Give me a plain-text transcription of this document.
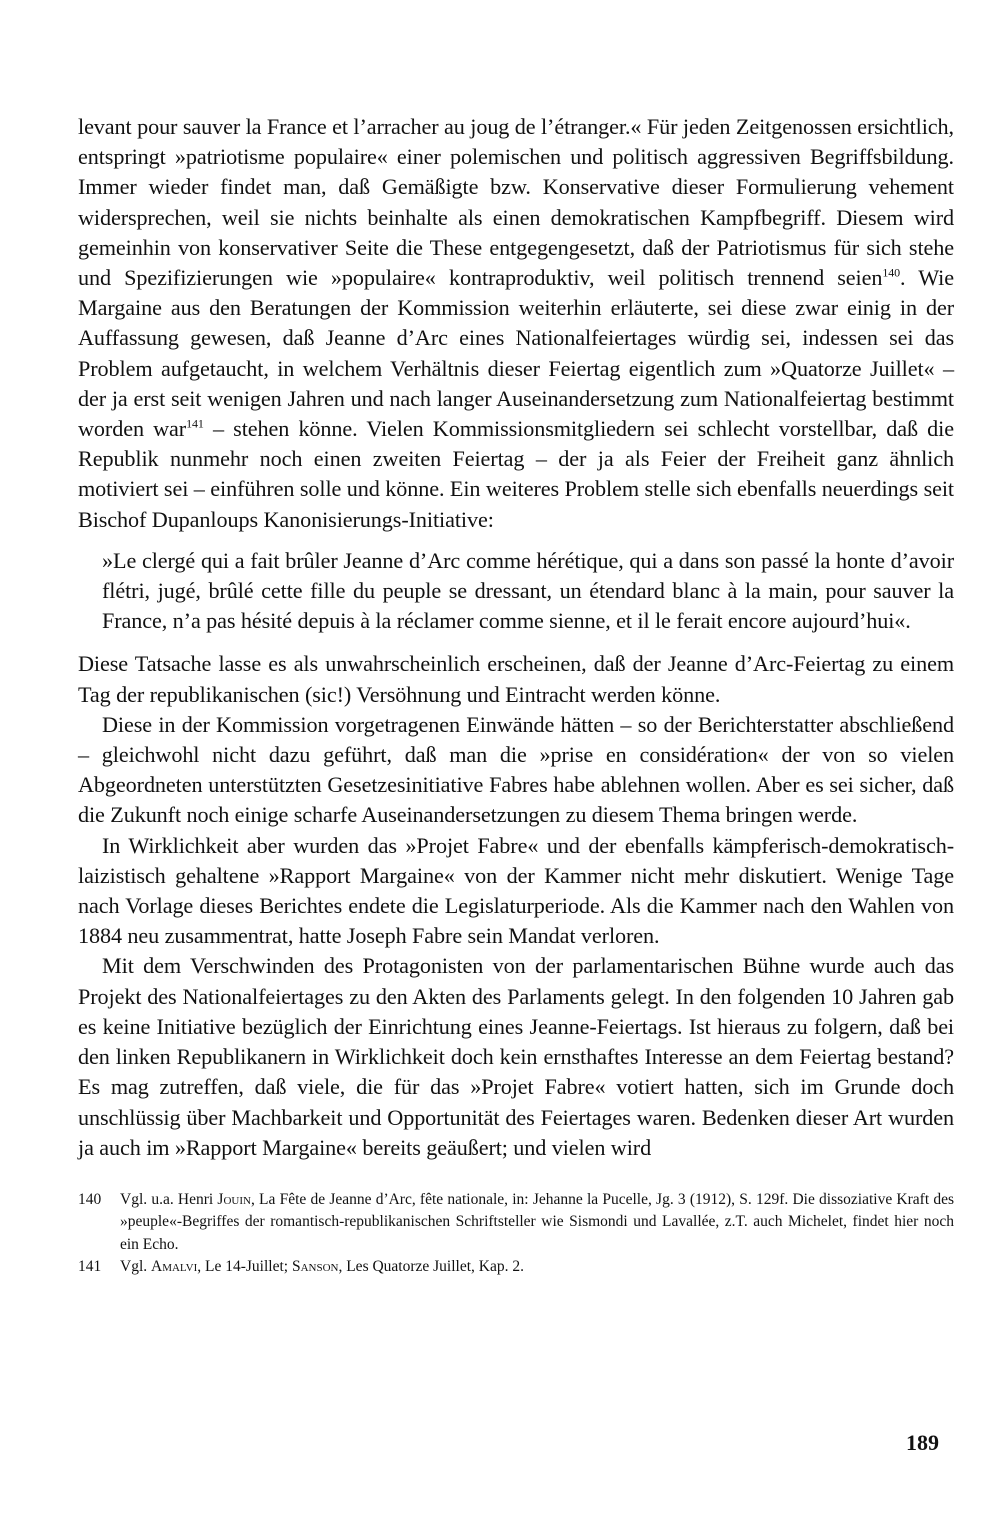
levant pour sauver la France et l’arracher au joug de l’étranger.« Für jeden Zeitgenossen ersichtlich, entspringt »patriotisme populaire« einer polemischen und politisch aggressiven Begriffsbildung. Immer wieder findet man, daß Gemäßigte bzw. Konservative dieser Formulierung vehement widersprechen, weil sie nichts beinhalte als einen demokratischen Kampfbegriff. Diesem wird gemeinhin von konservativer Seite die These entgegengesetzt, daß der Patriotismus für sich stehe und Spezifizierungen wie »populaire« kontraproduktiv, weil politisch trennend seien$^{140}$. Wie Margaine aus den Beratungen der Kommission weiterhin erläuterte, sei diese zwar einig in der Auffassung gewesen, daß Jeanne d’Arc eines Nationalfeiertages würdig sei, indessen sei das Problem aufgetaucht, in welchem Verhältnis dieser Feiertag eigentlich zum »Quatorze Juillet« – der ja erst seit wenigen Jahren und nach langer Auseinandersetzung zum Nationalfeiertag bestimmt worden war$^{141}$ – stehen könne. Vielen Kommissionsmitgliedern sei schlecht vorstellbar, daß die Republik nunmehr noch einen zweiten Feiertag – der ja als Feier der Freiheit ganz ähnlich motiviert sei – einführen solle und könne. Ein weiteres Problem stelle sich ebenfalls neuerdings seit Bischof Dupanloups Kanonisierungs-Initiative:

»Le clergé qui a fait brûler Jeanne d’Arc comme hérétique, qui a dans son passé la honte d’avoir flétri, jugé, brûlé cette fille du peuple se dressant, un étendard blanc à la main, pour sauver la France, n’a pas hésité depuis à la réclamer comme sienne, et il le ferait encore aujourd’hui«.

Diese Tatsache lasse es als unwahrscheinlich erscheinen, daß der Jeanne d’Arc-Feiertag zu einem Tag der republikanischen (sic!) Versöhnung und Eintracht werden könne.

Diese in der Kommission vorgetragenen Einwände hätten – so der Berichterstatter abschließend – gleichwohl nicht dazu geführt, daß man die »prise en considération« der von so vielen Abgeordneten unterstützten Gesetzesinitiative Fabres habe ablehnen wollen. Aber es sei sicher, daß die Zukunft noch einige scharfe Auseinandersetzungen zu diesem Thema bringen werde.

In Wirklichkeit aber wurden das »Projet Fabre« und der ebenfalls kämpferisch-demokratisch-laizistisch gehaltene »Rapport Margaine« von der Kammer nicht mehr diskutiert. Wenige Tage nach Vorlage dieses Berichtes endete die Legislaturperiode. Als die Kammer nach den Wahlen von 1884 neu zusammentrat, hatte Joseph Fabre sein Mandat verloren.

Mit dem Verschwinden des Protagonisten von der parlamentarischen Bühne wurde auch das Projekt des Nationalfeiertages zu den Akten des Parlaments gelegt. In den folgenden 10 Jahren gab es keine Initiative bezüglich der Einrichtung eines Jeanne-Feiertags. Ist hieraus zu folgern, daß bei den linken Republikanern in Wirklichkeit doch kein ernsthaftes Interesse an dem Feiertag bestand? Es mag zutreffen, daß viele, die für das »Projet Fabre« votiert hatten, sich im Grunde doch unschlüssig über Machbarkeit und Opportunität des Feiertages waren. Bedenken dieser Art wurden ja auch im »Rapport Margaine« bereits geäußert; und vielen wird

140	Vgl. u.a. Henri Jouin, La Fête de Jeanne d’Arc, fête nationale, in: Jehanne la Pucelle, Jg. 3 (1912), S. 129f. Die dissoziative Kraft des »peuple«-Begriffes der romantisch-republikanischen Schriftsteller wie Sismondi und Lavallée, z.T. auch Michelet, findet hier noch ein Echo.
141	Vgl. Amalvi, Le 14-Juillet; Sanson, Les Quatorze Juillet, Kap. 2.
189
